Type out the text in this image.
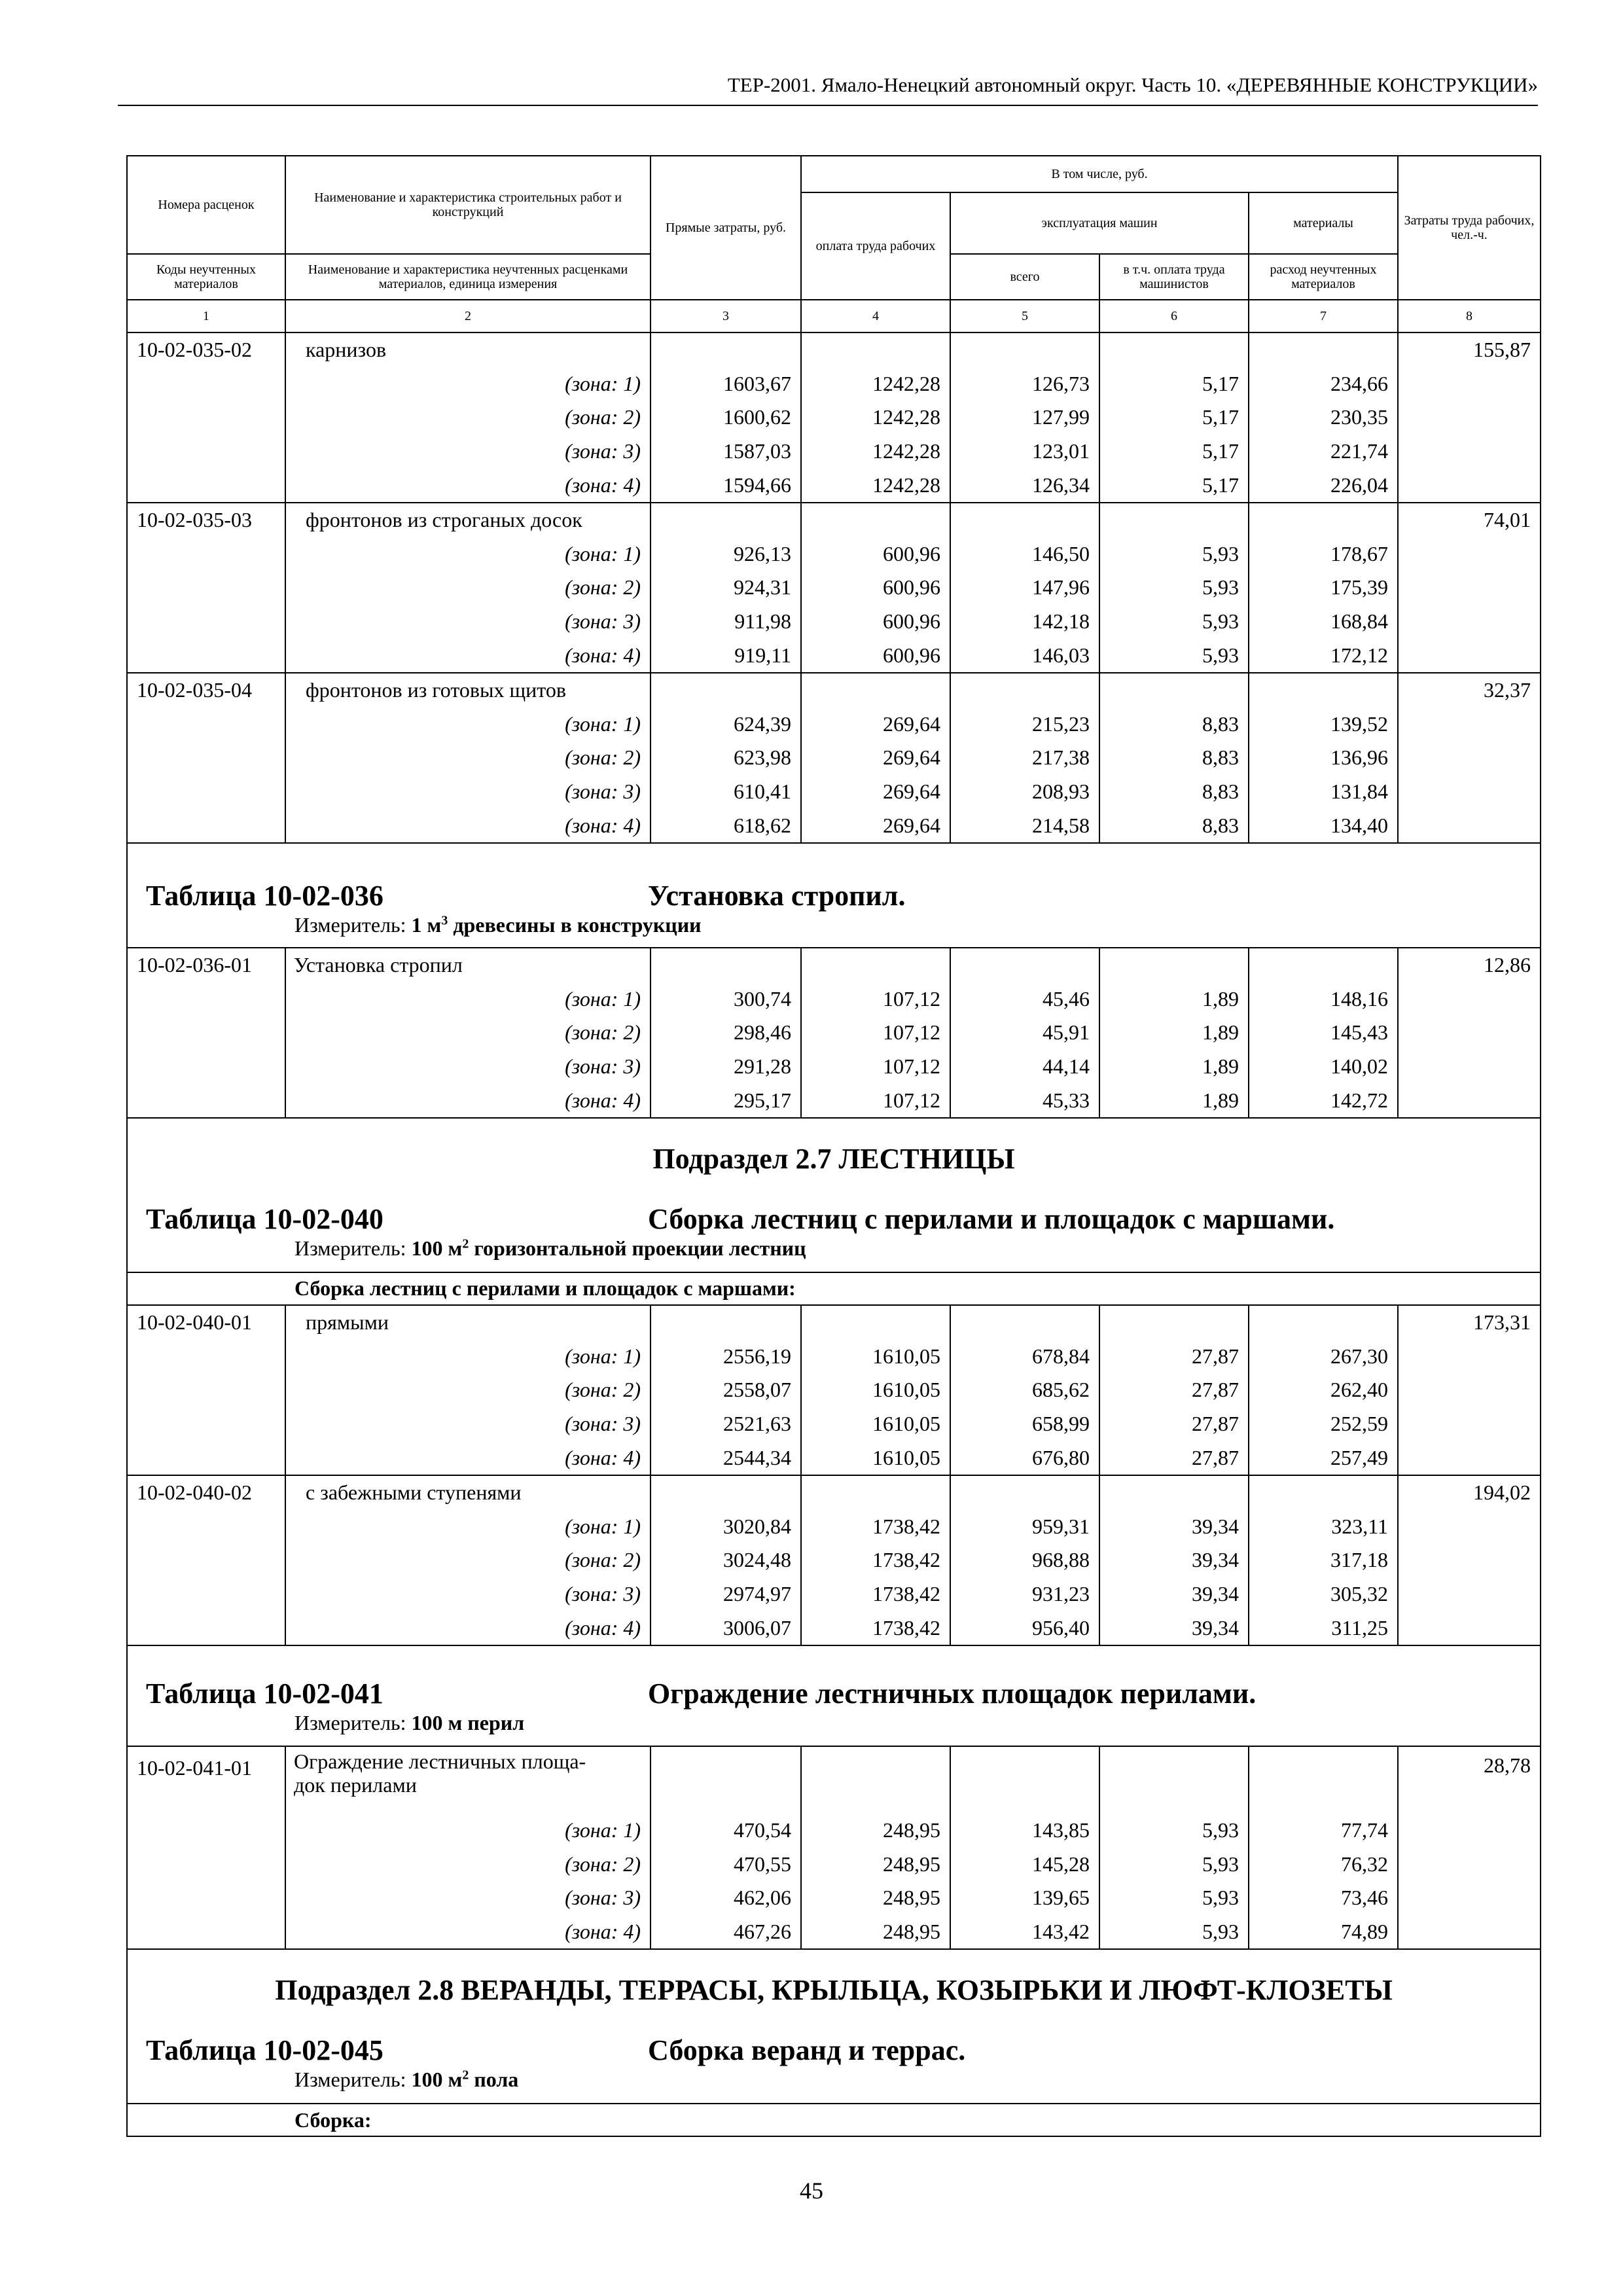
ТЕР-2001. Ямало-Ненецкий автономный округ. Часть 10. «ДЕРЕВЯННЫЕ КОНСТРУКЦИИ»
Номера расценок	Наименование и характеристика строительных работ и конструкций	Прямые затраты, руб.	В том числе, руб.				Затраты труда рабочих, чел.-ч.
			оплата труда рабочих	эксплуатация машин		материалы	
Коды неучтенных материалов	Наименование и характеристика неучтенных расценками материалов, единица измерения			всего	в т.ч. оплата труда машинистов	расход неучтенных материалов	
1	2	3	4	5	6	7	8
10-02-035-02	карнизов						155,87
	(зона: 1)	1603,67	1242,28	126,73	5,17	234,66	
	(зона: 2)	1600,62	1242,28	127,99	5,17	230,35	
	(зона: 3)	1587,03	1242,28	123,01	5,17	221,74	
	(зона: 4)	1594,66	1242,28	126,34	5,17	226,04	
10-02-035-03	фронтонов из строганых досок						74,01
	(зона: 1)	926,13	600,96	146,50	5,93	178,67	
	(зона: 2)	924,31	600,96	147,96	5,93	175,39	
	(зона: 3)	911,98	600,96	142,18	5,93	168,84	
	(зона: 4)	919,11	600,96	146,03	5,93	172,12	
10-02-035-04	фронтонов из готовых щитов						32,37
	(зона: 1)	624,39	269,64	215,23	8,83	139,52	
	(зона: 2)	623,98	269,64	217,38	8,83	136,96	
	(зона: 3)	610,41	269,64	208,93	8,83	131,84	
	(зона: 4)	618,62	269,64	214,58	8,83	134,40	

Таблица 10-02-036 Установка стропил.
Измеритель: 1 $м^3$ древесины в конструкции							

10-02-036-01	Установка стропил						12,86
	(зона: 1)	300,74	107,12	45,46	1,89	148,16	
	(зона: 2)	298,46	107,12	45,91	1,89	145,43	
	(зона: 3)	291,28	107,12	44,14	1,89	140,02	
	(зона: 4)	295,17	107,12	45,33	1,89	142,72	

Подраздел 2.7 ЛЕСТНИЦЫ
Таблица 10-02-040 Сборка лестниц с перилами и площадок с маршами.
Измеритель: 100 $м^2$ горизонтальной проекции лестниц							

Сборка лестниц с перилами и площадок с маршами:							
10-02-040-01	прямыми						173,31
	(зона: 1)	2556,19	1610,05	678,84	27,87	267,30	
	(зона: 2)	2558,07	1610,05	685,62	27,87	262,40	
	(зона: 3)	2521,63	1610,05	658,99	27,87	252,59	
	(зона: 4)	2544,34	1610,05	676,80	27,87	257,49	
10-02-040-02	с забежными ступенями						194,02
	(зона: 1)	3020,84	1738,42	959,31	39,34	323,11	
	(зона: 2)	3024,48	1738,42	968,88	39,34	317,18	
	(зона: 3)	2974,97	1738,42	931,23	39,34	305,32	
	(зона: 4)	3006,07	1738,42	956,40	39,34	311,25	

Таблица 10-02-041 Ограждение лестничных площадок перилами.
Измеритель: 100 м перил							

10-02-041-01	Ограждение лестничных площа-
док перилами						28,78
	(зона: 1)	470,54	248,95	143,85	5,93	77,74	
	(зона: 2)	470,55	248,95	145,28	5,93	76,32	
	(зона: 3)	462,06	248,95	139,65	5,93	73,46	
	(зона: 4)	467,26	248,95	143,42	5,93	74,89	

Подраздел 2.8 ВЕРАНДЫ, ТЕРРАСЫ, КРЫЛЬЦА, КОЗЫРЬКИ И ЛЮФТ-КЛОЗЕТЫ
Таблица 10-02-045 Сборка веранд и террас.
Измеритель: 100 $м^2$ пола							

Сборка:							
45
